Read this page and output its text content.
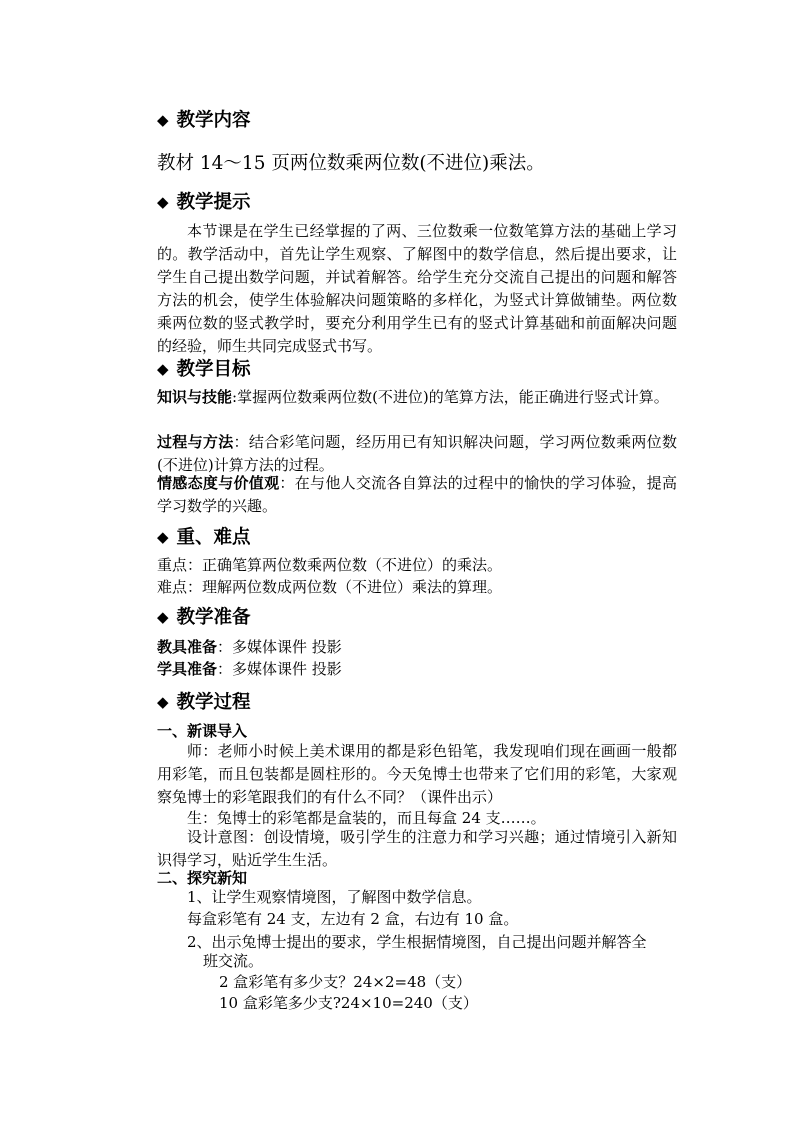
◆ 教学内容
教材 14～15 页两位数乘两位数(不进位)乘法。
◆ 教学提示
本节课是在学生已经掌握的了两、三位数乘一位数笔算方法的基础上学习的。教学活动中，首先让学生观察、了解图中的数学信息，然后提出要求，让学生自己提出数学问题，并试着解答。给学生充分交流自己提出的问题和解答方法的机会，使学生体验解决问题策略的多样化，为竖式计算做铺垫。两位数乘两位数的竖式教学时，要充分利用学生已有的竖式计算基础和前面解决问题的经验，师生共同完成竖式书写。
◆ 教学目标
知识与技能:掌握两位数乘两位数(不进位)的笔算方法，能正确进行竖式计算。
过程与方法：结合彩笔问题，经历用已有知识解决问题，学习两位数乘两位数(不进位)计算方法的过程。
情感态度与价值观：在与他人交流各自算法的过程中的愉快的学习体验，提高学习数学的兴趣。
◆ 重、难点
重点：正确笔算两位数乘两位数（不进位）的乘法。
难点：理解两位数成两位数（不进位）乘法的算理。
◆ 教学准备
教具准备：多媒体课件 投影
学具准备：多媒体课件 投影
◆ 教学过程
一、新课导入
师：老师小时候上美术课用的都是彩色铅笔，我发现咱们现在画画一般都用彩笔，而且包装都是圆柱形的。今天兔博士也带来了它们用的彩笔，大家观察兔博士的彩笔跟我们的有什么不同？（课件出示）
生：兔博士的彩笔都是盒装的，而且每盒 24 支……。
设计意图：创设情境，吸引学生的注意力和学习兴趣；通过情境引入新知识得学习，贴近学生生活。
二、探究新知
1、让学生观察情境图，了解图中数学信息。
每盒彩笔有 24 支，左边有 2 盒，右边有 10 盒。
2、出示兔博士提出的要求，学生根据情境图，自己提出问题并解答全
班交流。
2 盒彩笔有多少支？24×2=48（支）
10 盒彩笔多少支?24×10=240（支）
